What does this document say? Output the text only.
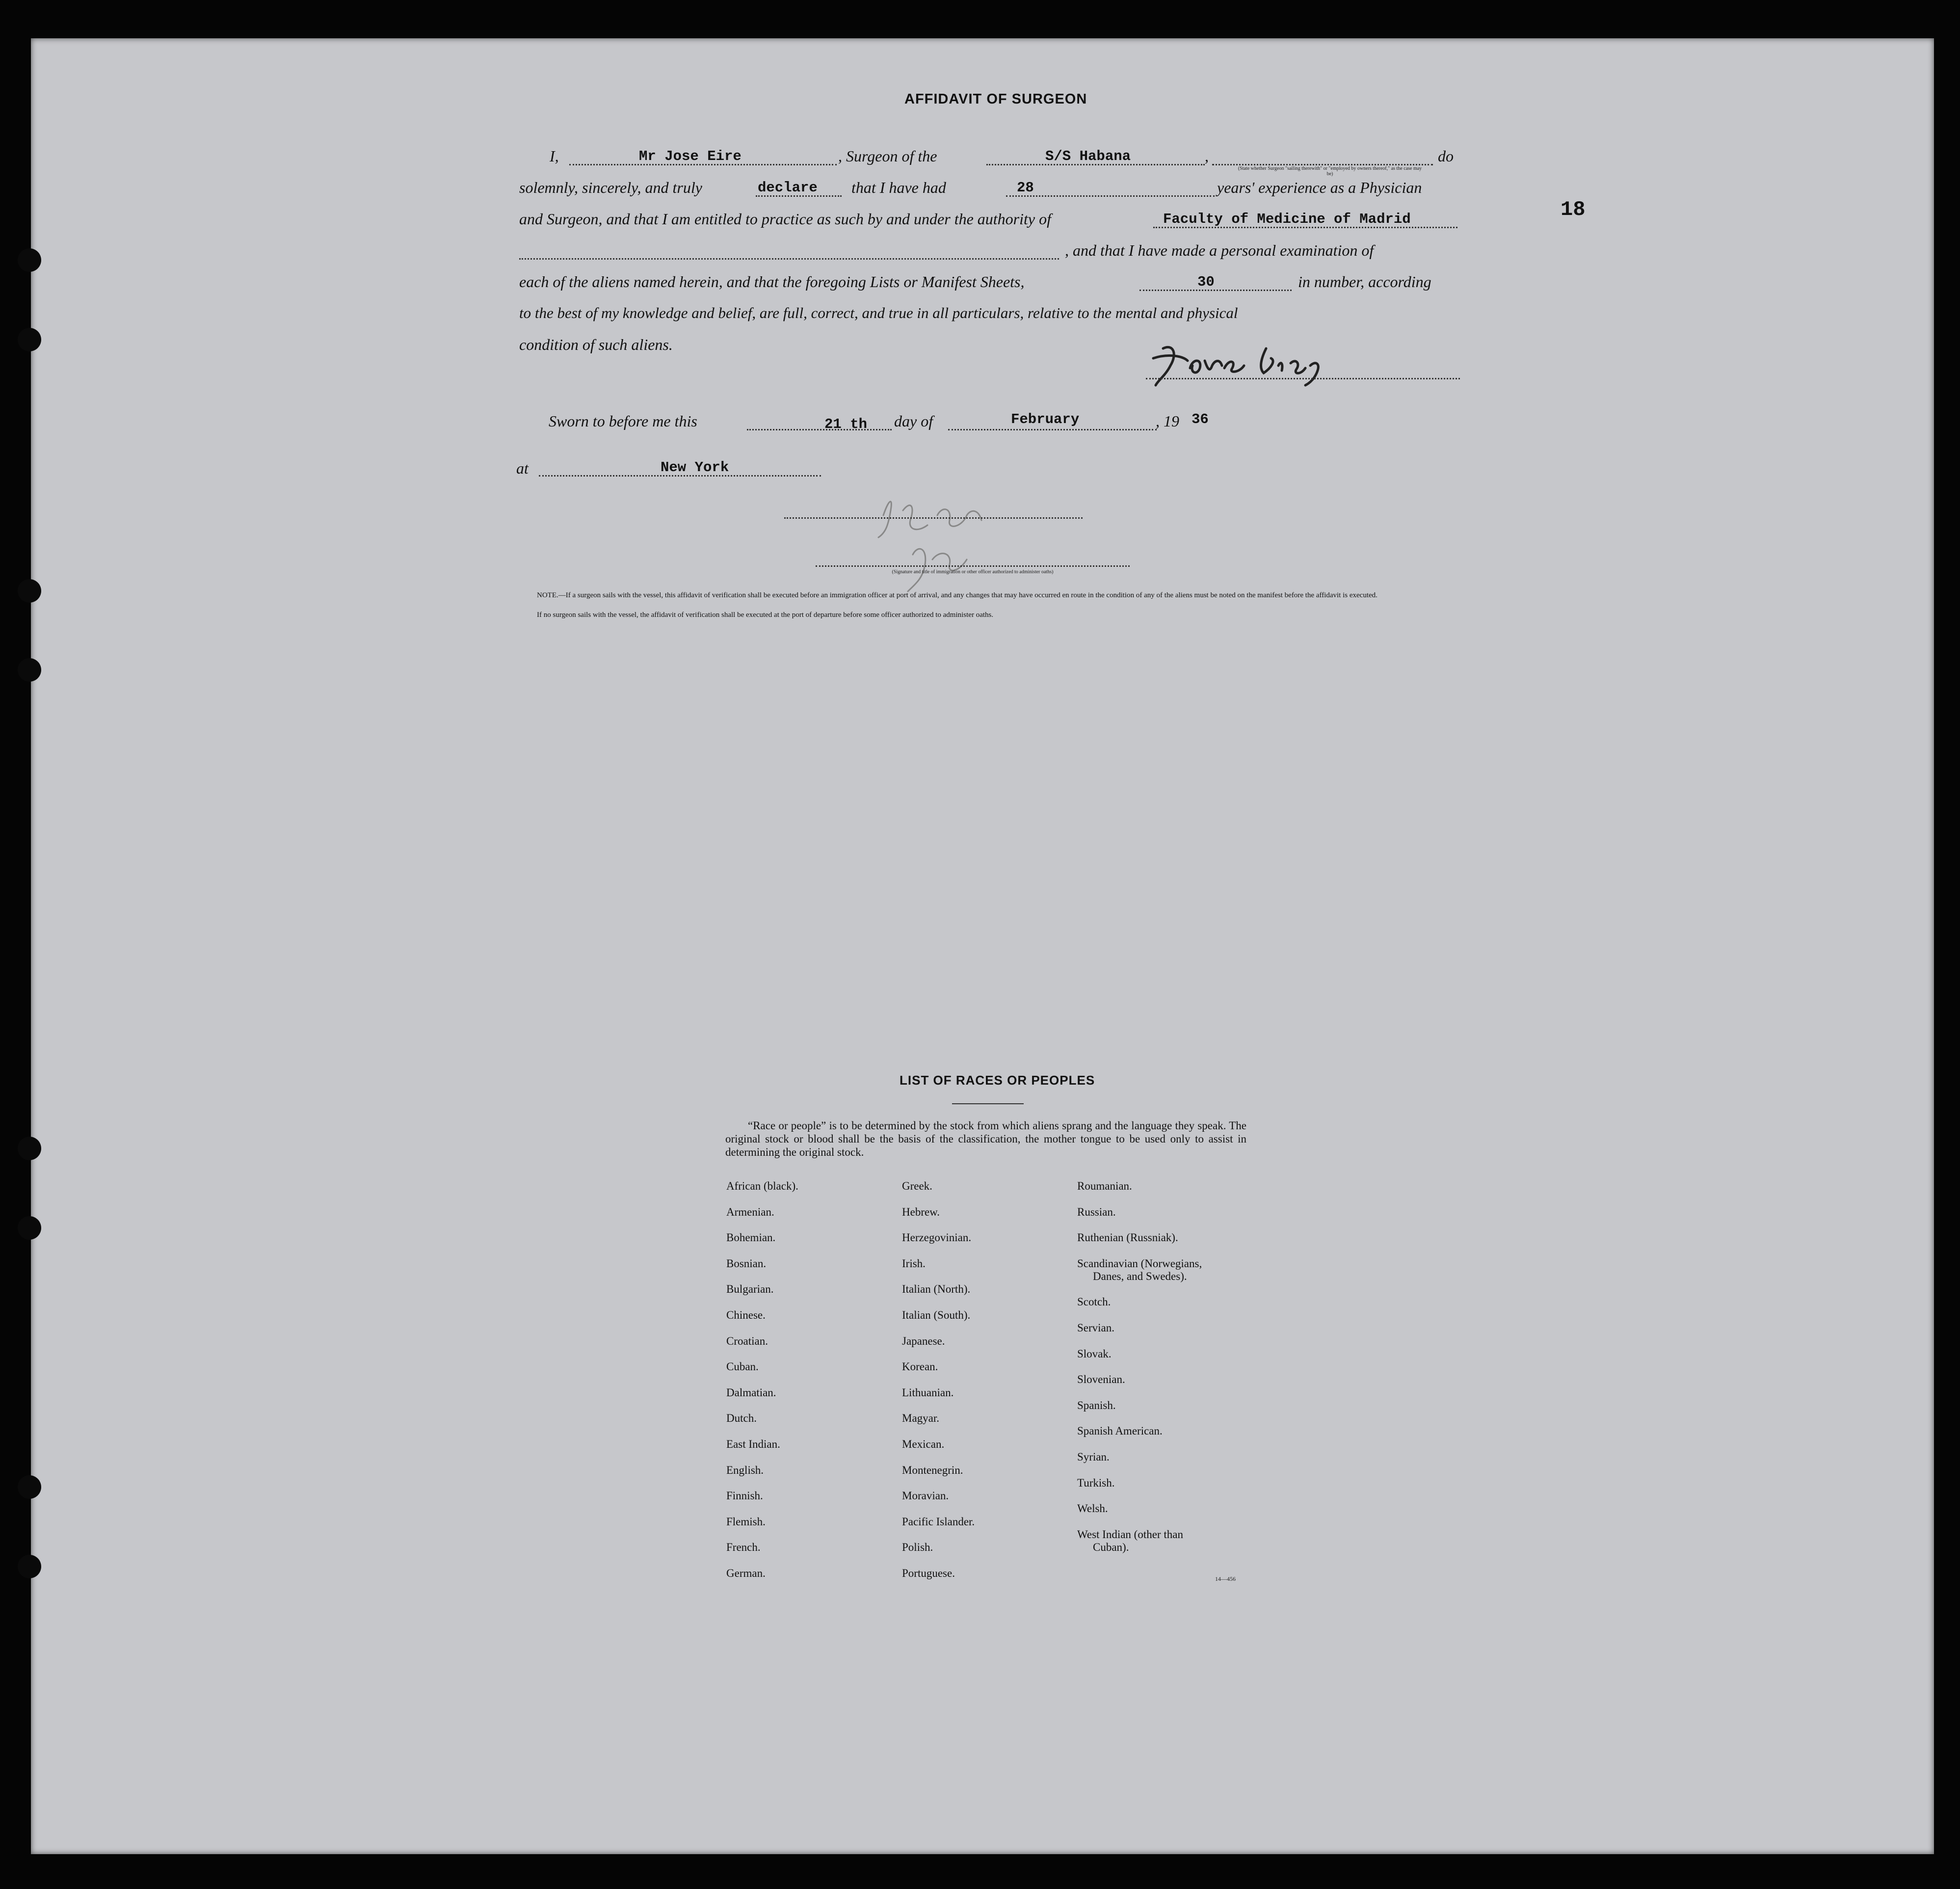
18
AFFIDAVIT OF SURGEON
I,	Mr Jose Eire	, Surgeon of the	S/S Habana	,
(State whether Surgeon "sailing therewith" or "employed by owners thereof," as the case may be)
do
solemnly, sincerely, and truly	declare that I have had	28	years' experience as a Physician
and Surgeon, and that I am entitled to practice as such by and under the authority of	Faculty of Medicine of Madrid
, and that I have made a personal examination of
each of the aliens named herein, and that the foregoing Lists or Manifest Sheets,	30	in number, according
to the best of my knowledge and belief, are full, correct, and true in all particulars, relative to the mental and physical
condition of such aliens.
Sworn to before me this	21 th day of	February	, 19 36
at	New York
(Signature and title of immigration or other officer authorized to administer oaths)
NOTE.—If a surgeon sails with the vessel, this affidavit of verification shall be executed before an immigration officer at port of arrival, and any changes that may have occurred en route in the condition of any of the aliens must be noted on the manifest before the affidavit is executed.
If no surgeon sails with the vessel, the affidavit of verification shall be executed at the port of departure before some officer authorized to administer oaths.
LIST OF RACES OR PEOPLES
“Race or people” is to be determined by the stock from which aliens sprang and the language they speak. The original stock or blood shall be the basis of the classification, the mother tongue to be used only to assist in determining the original stock.
African (black).
Armenian.
Bohemian.
Bosnian.
Bulgarian.
Chinese.
Croatian.
Cuban.
Dalmatian.
Dutch.
East Indian.
English.
Finnish.
Flemish.
French.
German.
Greek.
Hebrew.
Herzegovinian.
Irish.
Italian (North).
Italian (South).
Japanese.
Korean.
Lithuanian.
Magyar.
Mexican.
Montenegrin.
Moravian.
Pacific Islander.
Polish.
Portuguese.
Roumanian.
Russian.
Ruthenian (Russniak).
Scandinavian (Norwegians,
Danes, and Swedes).
Scotch.
Servian.
Slovak.
Slovenian.
Spanish.
Spanish American.
Syrian.
Turkish.
Welsh.
West Indian (other than
Cuban).
14—456
